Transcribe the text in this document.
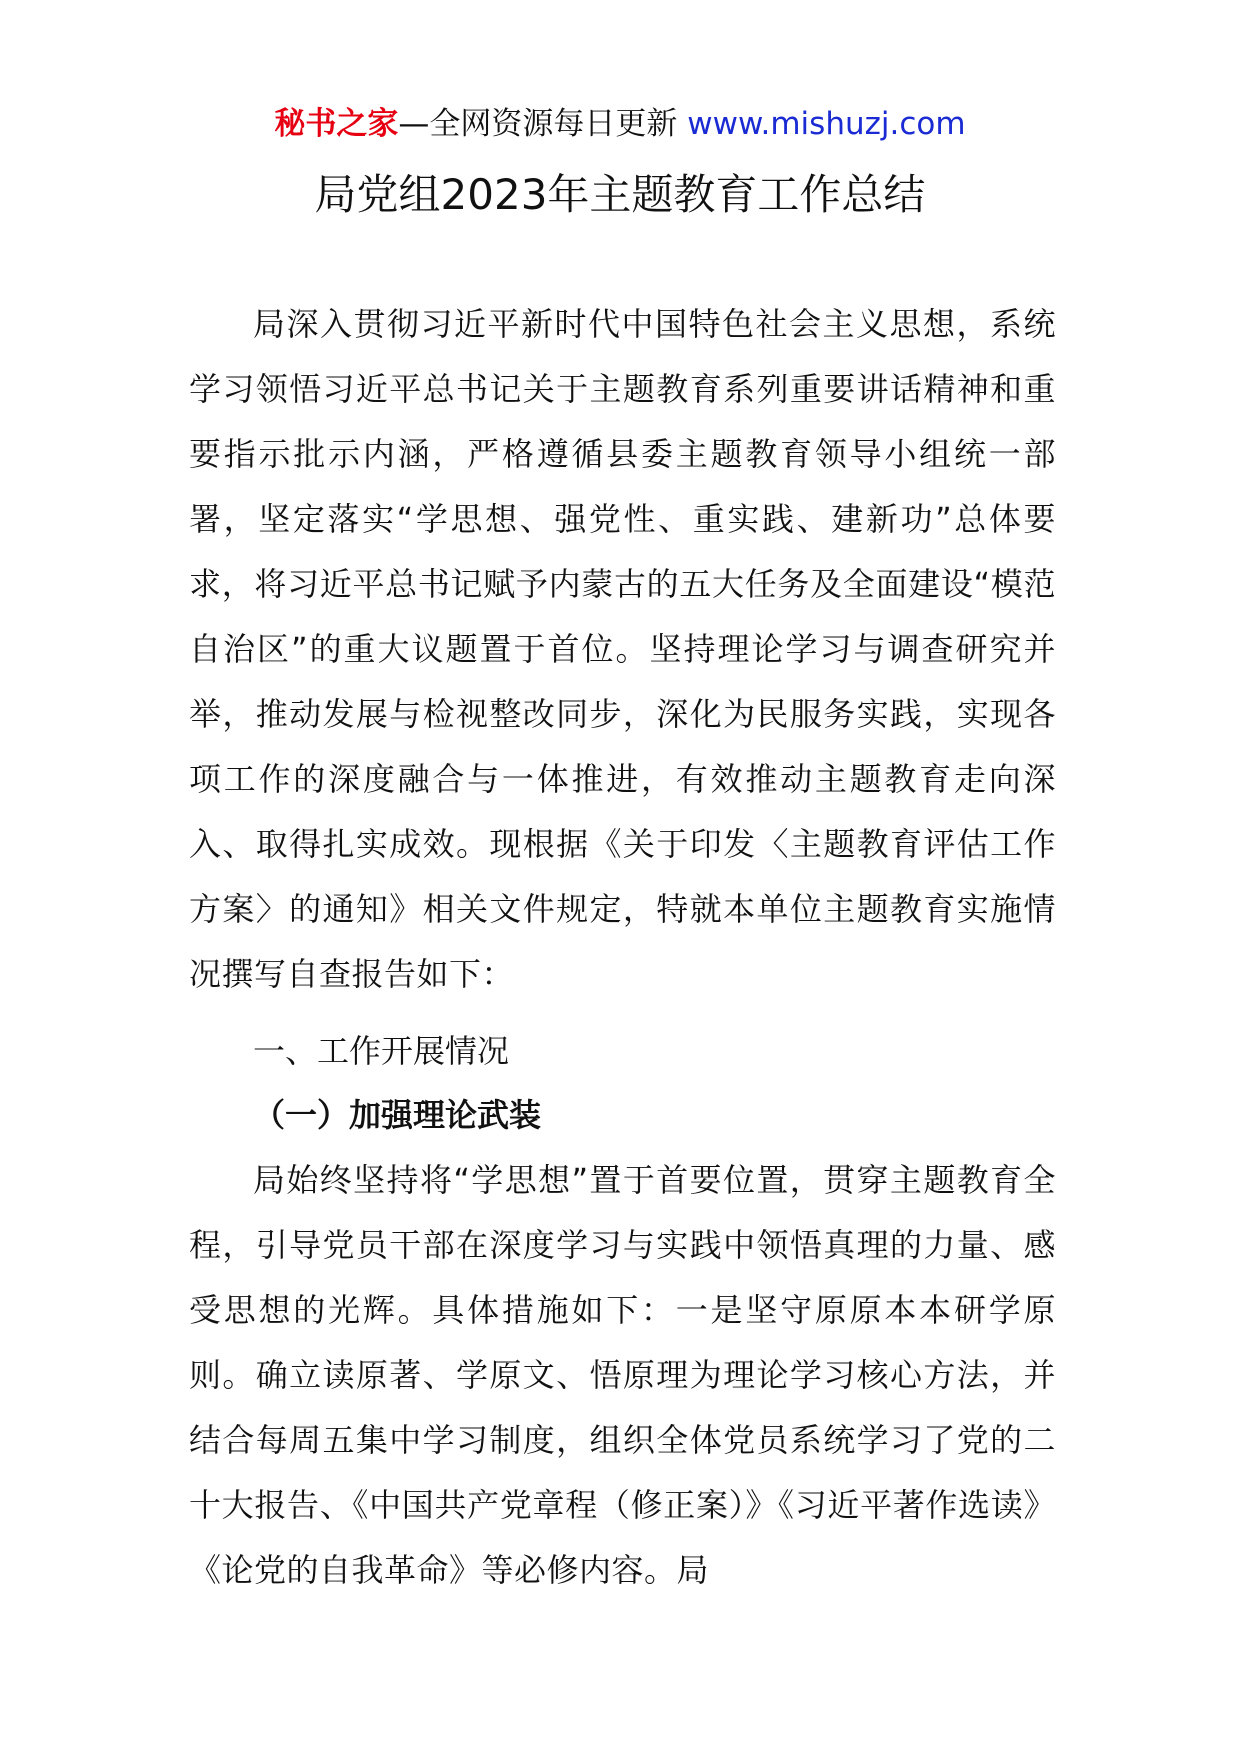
秘书之家—全网资源每日更新 www.mishuzj.com
局党组2023年主题教育工作总结

局深入贯彻习近平新时代中国特色社会主义思想，系统学习领悟习近平总书记关于主题教育系列重要讲话精神和重要指示批示内涵，严格遵循县委主题教育领导小组统一部署，坚定落实“学思想、强党性、重实践、建新功”总体要求，将习近平总书记赋予内蒙古的五大任务及全面建设“模范自治区”的重大议题置于首位。坚持理论学习与调查研究并举，推动发展与检视整改同步，深化为民服务实践，实现各项工作的深度融合与一体推进，有效推动主题教育走向深入、取得扎实成效。现根据《关于印发〈主题教育评估工作方案〉的通知》相关文件规定，特就本单位主题教育实施情况撰写自查报告如下：

一、工作开展情况
（一）加强理论武装

局始终坚持将“学思想”置于首要位置，贯穿主题教育全程，引导党员干部在深度学习与实践中领悟真理的力量、感受思想的光辉。具体措施如下：一是坚守原原本本研学原则。确立读原著、学原文、悟原理为理论学习核心方法，并结合每周五集中学习制度，组织全体党员系统学习了党的二十大报告、《中国共产党章程（修正案）》《习近平著作选读》《论党的自我革命》等必修内容。局
